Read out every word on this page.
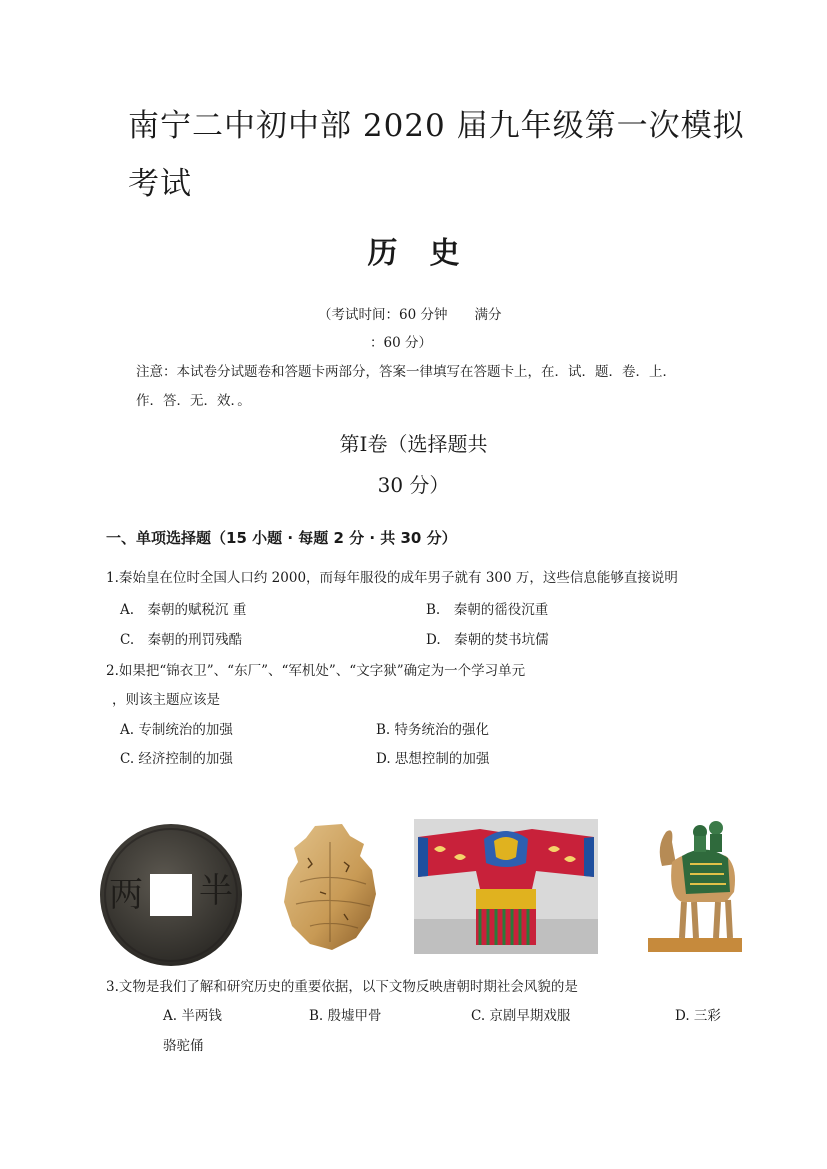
南宁二中初中部 2020 届九年级第一次模拟
考试
历史
（考试时间：60 分钟　　满分
：60 分）
注意：本试卷分试题卷和答题卡两部分，答案一律填写在答题卡上，在．试．题．卷．上．
作．答．无．效．。
第Ⅰ卷（选择题共
30 分）
一、单项选择题（15 小题 · 每题 2 分 · 共 30 分）
1.秦始皇在位时全国人口约 2000，而每年服役的成年男子就有 300 万，这些信息能够直接说明
A.　秦朝的赋税沉 重	B.　秦朝的徭役沉重
C.　秦朝的刑罚残酷	D.　秦朝的焚书坑儒
2.如果把“锦衣卫”、“东厂”、“军机处”、“文字狱”确定为一个学习单元
，则该主题应该是
A. 专制统治的加强	B. 特务统治的强化
C. 经济控制的加强	D. 思想控制的加强
半
两
3.文物是我们了解和研究历史的重要依据，以下文物反映唐朝时期社会风貌的是
A. 半两钱	B. 殷墟甲骨	C. 京剧早期戏服	D. 三彩
骆驼俑
